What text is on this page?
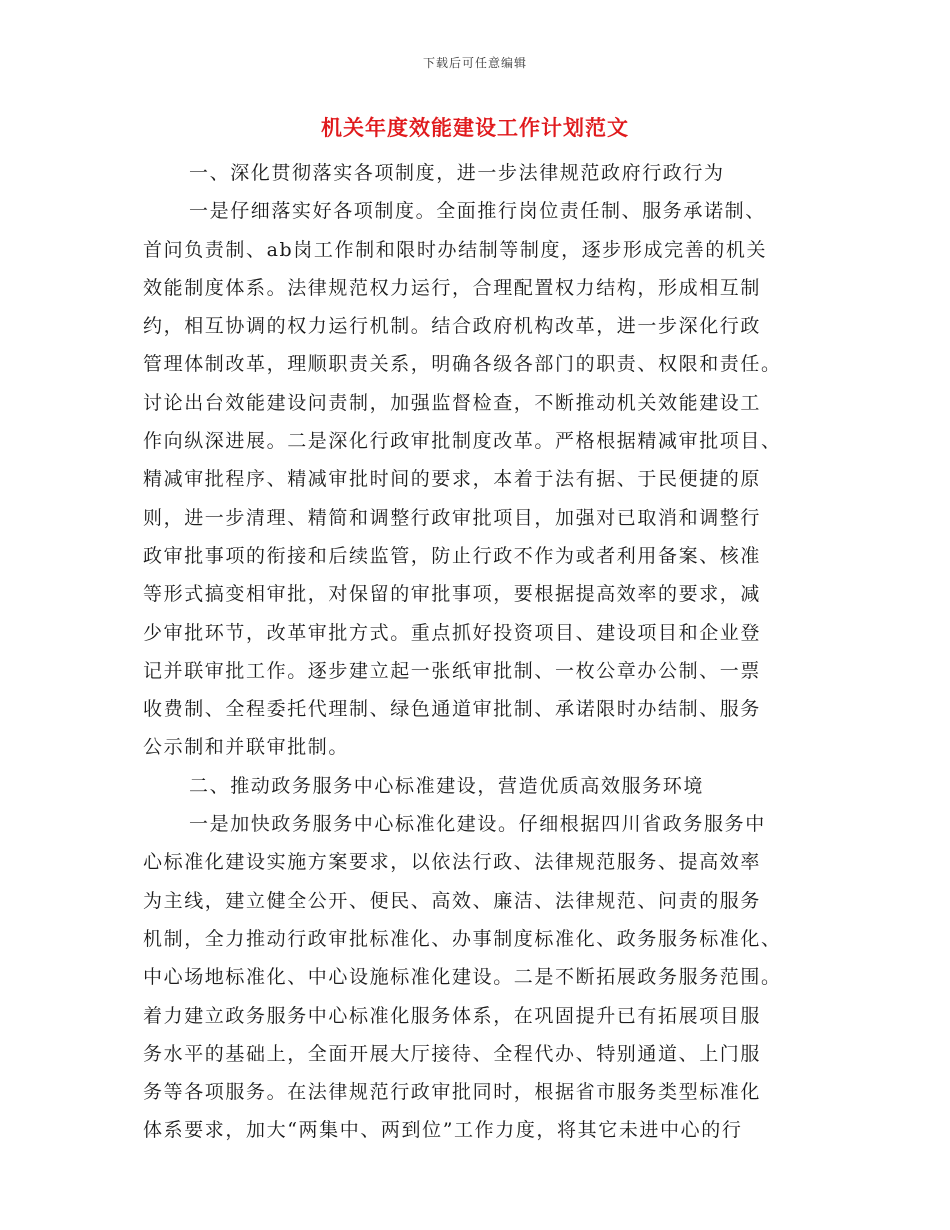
下载后可任意编辑
机关年度效能建设工作计划范文
一、深化贯彻落实各项制度，进一步法律规范政府行政行为
一是仔细落实好各项制度。全面推行岗位责任制、服务承诺制、
首问负责制、ab岗工作制和限时办结制等制度，逐步形成完善的机关
效能制度体系。法律规范权力运行，合理配置权力结构，形成相互制
约，相互协调的权力运行机制。结合政府机构改革，进一步深化行政
管理体制改革，理顺职责关系，明确各级各部门的职责、权限和责任。
讨论出台效能建设问责制，加强监督检查，不断推动机关效能建设工
作向纵深进展。二是深化行政审批制度改革。严格根据精减审批项目、
精减审批程序、精减审批时间的要求，本着于法有据、于民便捷的原
则，进一步清理、精简和调整行政审批项目，加强对已取消和调整行
政审批事项的衔接和后续监管，防止行政不作为或者利用备案、核准
等形式搞变相审批，对保留的审批事项，要根据提高效率的要求，减
少审批环节，改革审批方式。重点抓好投资项目、建设项目和企业登
记并联审批工作。逐步建立起一张纸审批制、一枚公章办公制、一票
收费制、全程委托代理制、绿色通道审批制、承诺限时办结制、服务
公示制和并联审批制。
二、推动政务服务中心标准建设，营造优质高效服务环境
一是加快政务服务中心标准化建设。仔细根据四川省政务服务中
心标准化建设实施方案要求，以依法行政、法律规范服务、提高效率
为主线，建立健全公开、便民、高效、廉洁、法律规范、问责的服务
机制，全力推动行政审批标准化、办事制度标准化、政务服务标准化、
中心场地标准化、中心设施标准化建设。二是不断拓展政务服务范围。
着力建立政务服务中心标准化服务体系，在巩固提升已有拓展项目服
务水平的基础上，全面开展大厅接待、全程代办、特别通道、上门服
务等各项服务。在法律规范行政审批同时，根据省市服务类型标准化
体系要求，加大“两集中、两到位”工作力度，将其它未进中心的行
